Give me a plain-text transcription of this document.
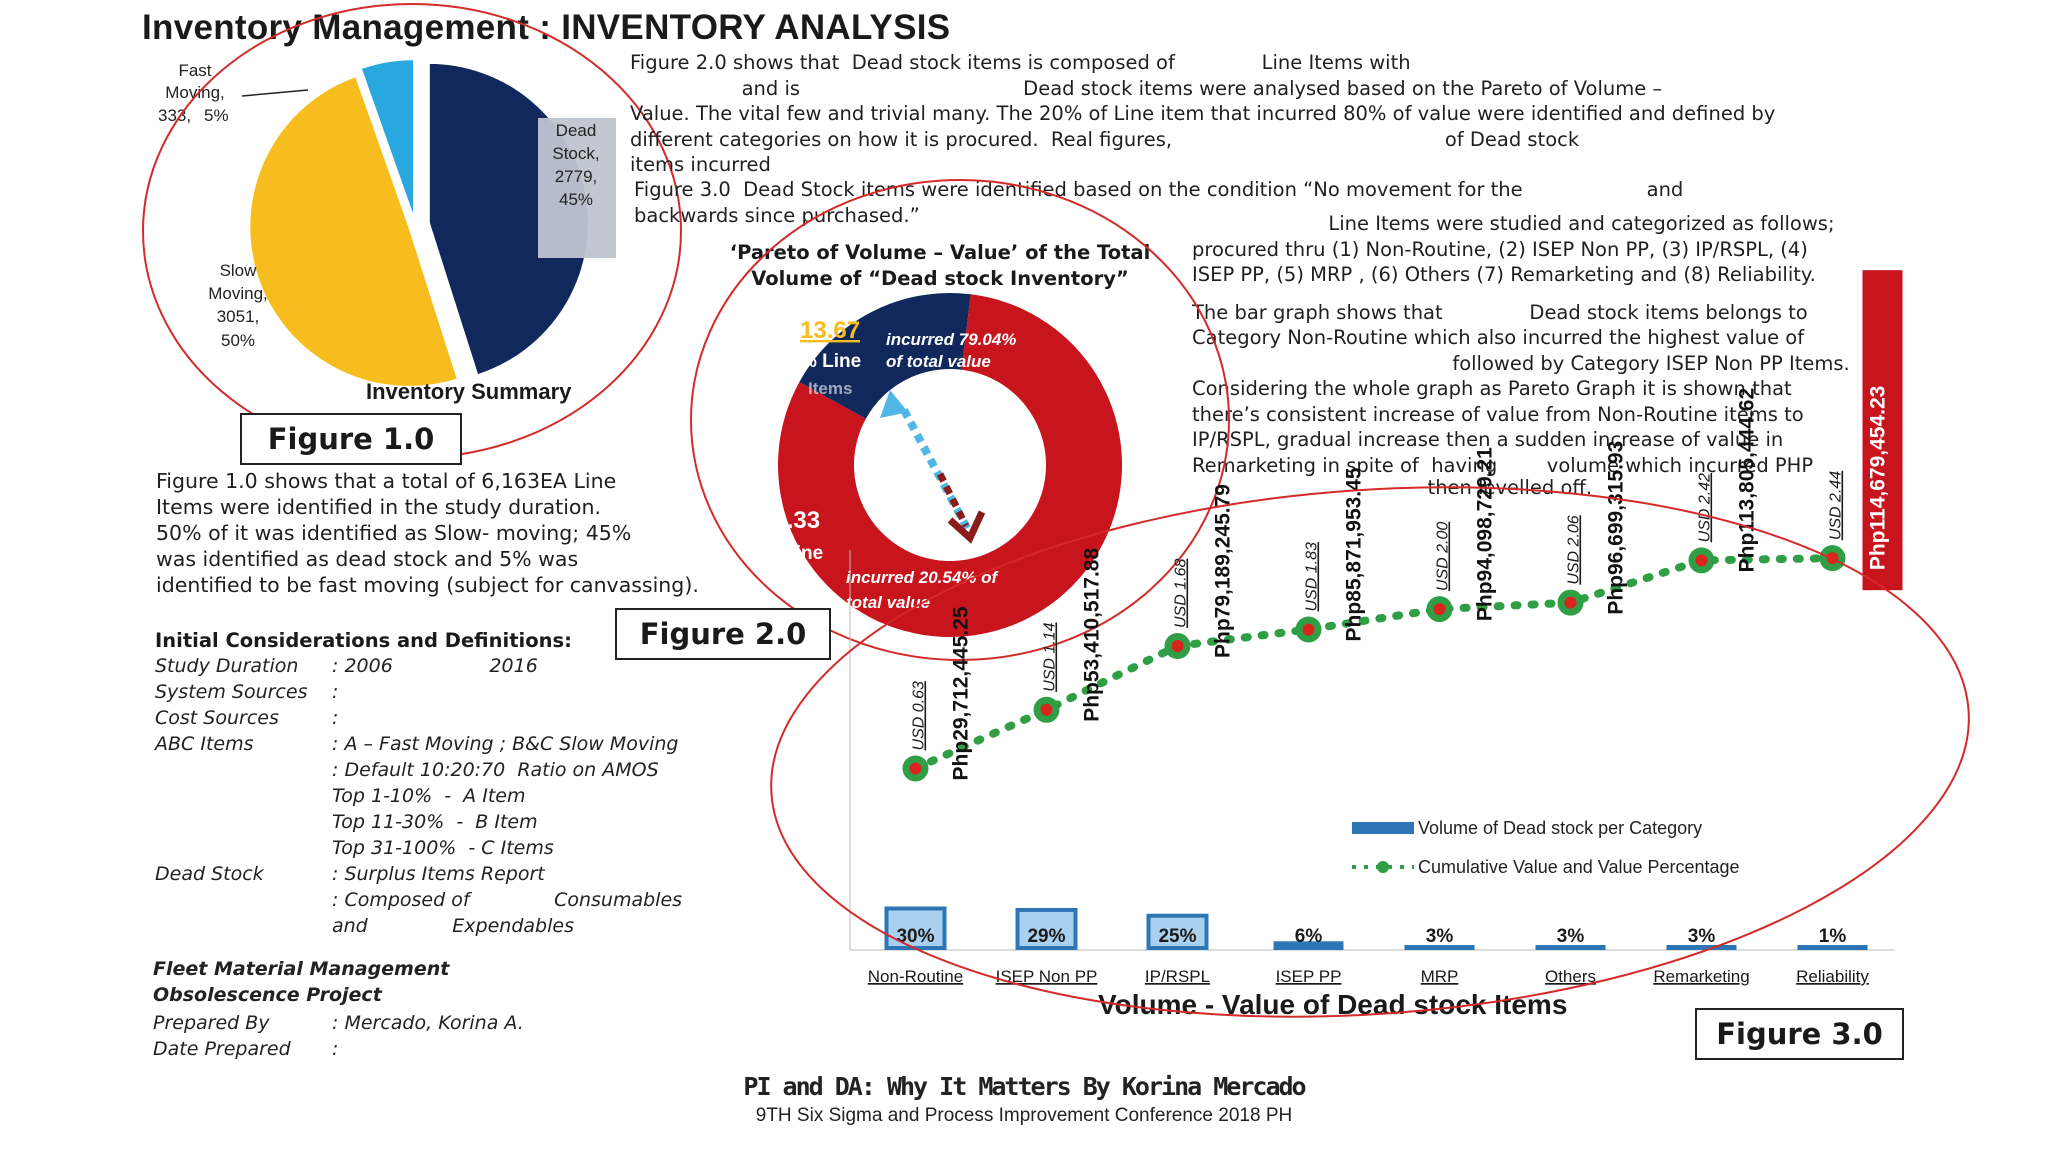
Inventory Management : INVENTORY ANALYSIS
Dead
Stock,
2779,
45%
Slow
Moving,
3051,
50%
Fast
Moving,
333, 5%
Inventory Summary
Figure 1.0

Figure 1.0 shows that a total of 6,163EA Line

Items were identified in the study duration.

50% of it was identified as Slow- moving; 45%

was identified as dead stock and 5% was

identified to be fast moving (subject for canvassing).

Initial Considerations and Definitions:
Study Duration	: 2006                2016
System Sources	:
Cost Sources	:
ABC Items	: A – Fast Moving ; B&C Slow Moving
: Default 10:20:70  Ratio on AMOS
Top 1-10%  -  A Item
Top 11-30%  -  B Item
Top 31-100%  - C Items
Dead Stock	: Surplus Items Report
: Composed of              Consumables
and              Expendables
Fleet Material Management
Obsolescence Project
Prepared By	: Mercado, Korina A.
Date Prepared :

Figure 2.0 shows that  Dead stock items is composed of              Line Items with

and is                                    Dead stock items were analysed based on the Pareto of Volume –

Value. The vital few and trivial many. The 20% of Line item that incurred 80% of value were identified and defined by

different categories on how it is procured.  Real figures,                                            of Dead stock

items incurred

Figure 3.0  Dead Stock items were identified based on the condition “No movement for the                    and

backwards since purchased.”	Line Items were studied and categorized as follows;

procured thru (1) Non-Routine, (2) ISEP Non PP, (3) IP/RSPL, (4)

ISEP PP, (5) MRP , (6) Others (7) Remarketing and (8) Reliability.

The bar graph shows that              Dead stock items belongs to

Category Non-Routine which also incurred the highest value of

followed by Category ISEP Non PP Items.

Considering the whole graph as Pareto Graph it is shown that

there’s consistent increase of value from Non-Routine items to

IP/RSPL, gradual increase then a sudden increase of value in

Remarketing in spite of  having        volume which incurred PHP

then levelled off.

‘Pareto of Volume – Value’ of the Total
Volume of “Dead stock Inventory”
13.67
% Line
Items
incurred 79.04%
of total value
86.33
% Line
Items incurred 20.54% of
total value
Figure 2.0
30%	29%	25%	6%	3%	3%	3%	1%
Php29,712,445.25
USD 0.63	Php53,410,517.88
USD 1.14	Php79,189,245.79
USD 1.68	Php85,871,953.45
USD 1.83	Php94,098,729.21
USD 2.00	Php96,699,315.93
USD 2.06	Php113,805,444.62
USD 2.42	Php114,679,454.23
USD 2.44
Non-Routine ISEP Non PP	IP/RSPL	ISEP PP	MRP	Others	Remarketing	Reliability
Volume of Dead stock per Category
Cumulative Value and Value Percentage
Volume - Value of Dead stock Items
Figure 3.0
PI and DA: Why It Matters By Korina Mercado
9TH Six Sigma and Process Improvement Conference 2018 PH
